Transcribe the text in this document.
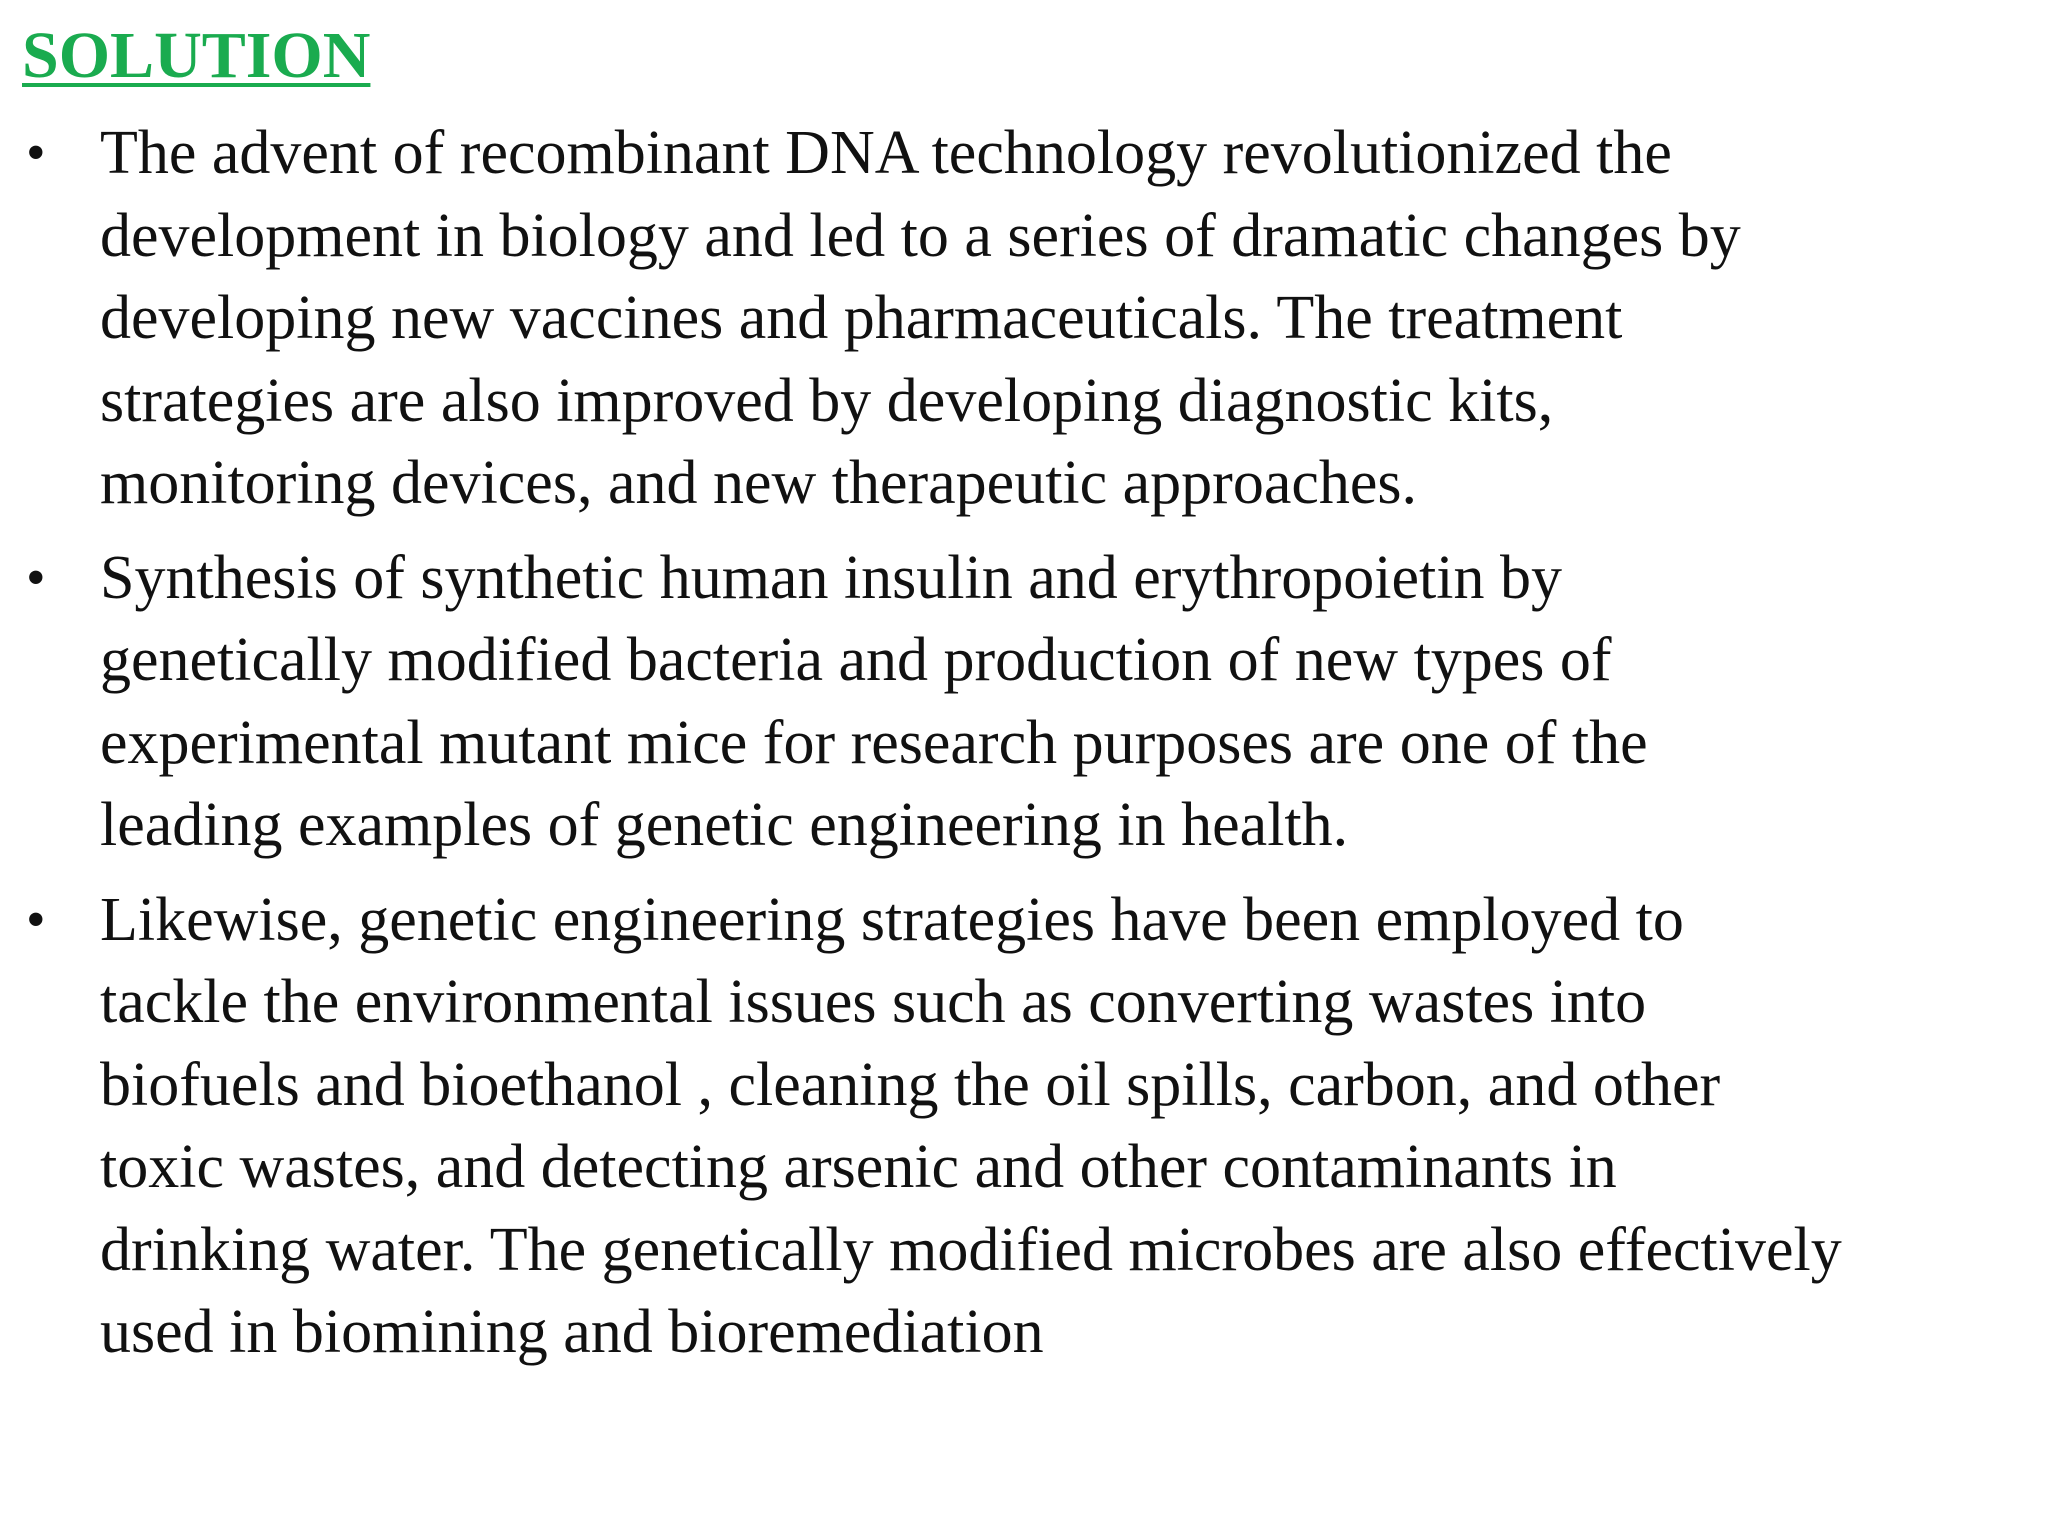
SOLUTION
• The advent of recombinant DNA technology revolutionized the
development in biology and led to a series of dramatic changes by
developing new vaccines and pharmaceuticals. The treatment
strategies are also improved by developing diagnostic kits,
monitoring devices, and new therapeutic approaches.
• Synthesis of synthetic human insulin and erythropoietin by
genetically modified bacteria and production of new types of
experimental mutant mice for research purposes are one of the
leading examples of genetic engineering in health.
• Likewise, genetic engineering strategies have been employed to
tackle the environmental issues such as converting wastes into
biofuels and bioethanol , cleaning the oil spills, carbon, and other
toxic wastes, and detecting arsenic and other contaminants in
drinking water. The genetically modified microbes are also effectively
used in biomining and bioremediation
